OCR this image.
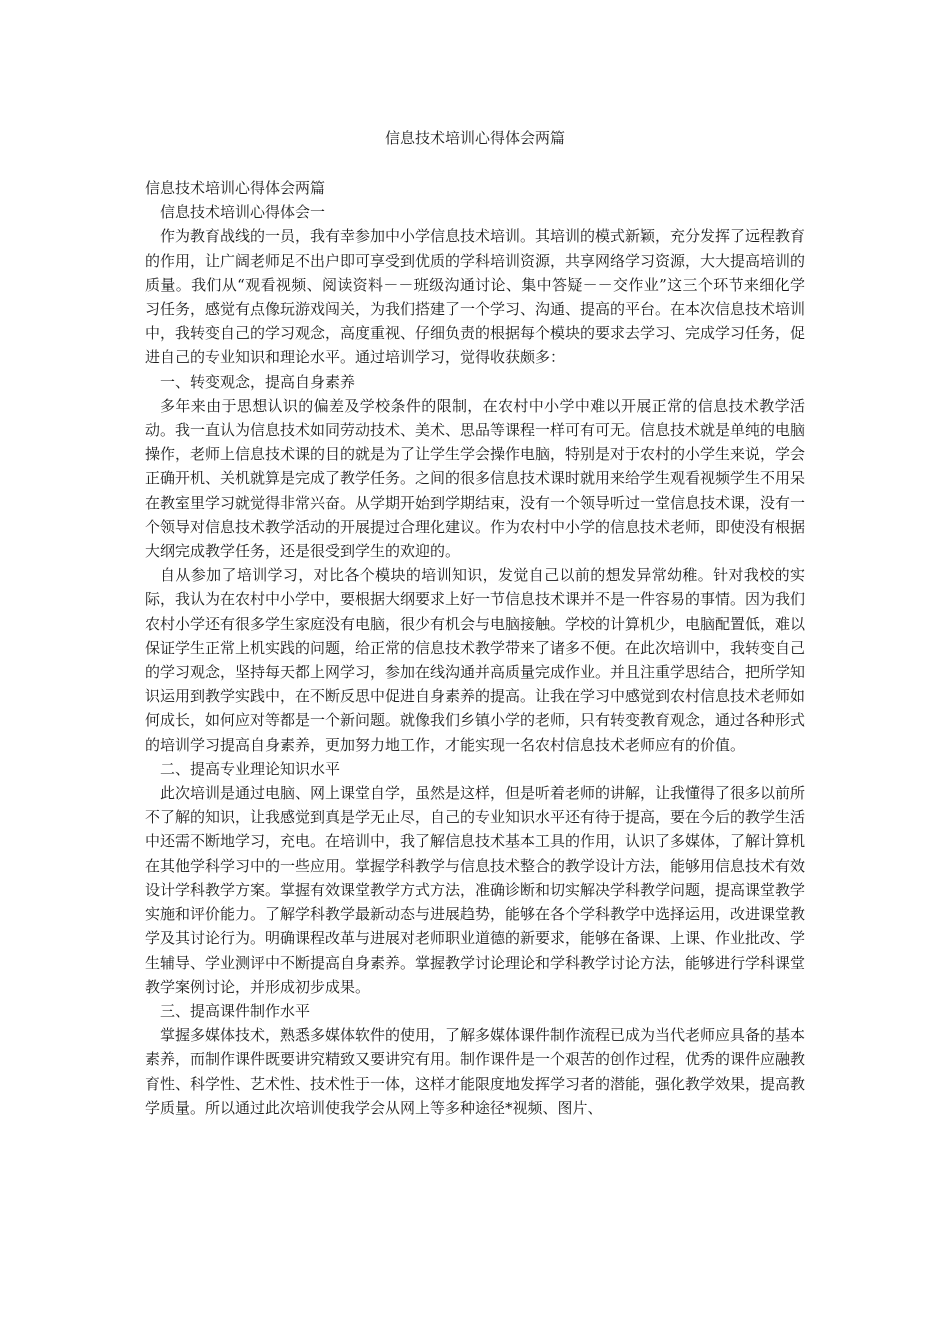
信息技术培训心得体会两篇

信息技术培训心得体会两篇

信息技术培训心得体会一

作为教育战线的一员，我有幸参加中小学信息技术培训。其培训的模式新颖，充分发挥了远程教育的作用，让广阔老师足不出户即可享受到优质的学科培训资源，共享网络学习资源，大大提高培训的质量。我们从“观看视频、阅读资料－－班级沟通讨论、集中答疑－－交作业”这三个环节来细化学习任务，感觉有点像玩游戏闯关，为我们搭建了一个学习、沟通、提高的平台。在本次信息技术培训中，我转变自己的学习观念，高度重视、仔细负责的根据每个模块的要求去学习、完成学习任务，促进自己的专业知识和理论水平。通过培训学习，觉得收获颇多：

一、转变观念，提高自身素养

多年来由于思想认识的偏差及学校条件的限制，在农村中小学中难以开展正常的信息技术教学活动。我一直认为信息技术如同劳动技术、美术、思品等课程一样可有可无。信息技术就是单纯的电脑操作，老师上信息技术课的目的就是为了让学生学会操作电脑，特别是对于农村的小学生来说，学会正确开机、关机就算是完成了教学任务。之间的很多信息技术课时就用来给学生观看视频学生不用呆在教室里学习就觉得非常兴奋。从学期开始到学期结束，没有一个领导听过一堂信息技术课，没有一个领导对信息技术教学活动的开展提过合理化建议。作为农村中小学的信息技术老师，即使没有根据大纲完成教学任务，还是很受到学生的欢迎的。

自从参加了培训学习，对比各个模块的培训知识，发觉自己以前的想发异常幼稚。针对我校的实际，我认为在农村中小学中，要根据大纲要求上好一节信息技术课并不是一件容易的事情。因为我们农村小学还有很多学生家庭没有电脑，很少有机会与电脑接触。学校的计算机少，电脑配置低，难以保证学生正常上机实践的问题，给正常的信息技术教学带来了诸多不便。在此次培训中，我转变自己的学习观念，坚持每天都上网学习，参加在线沟通并高质量完成作业。并且注重学思结合，把所学知识运用到教学实践中，在不断反思中促进自身素养的提高。让我在学习中感觉到农村信息技术老师如何成长，如何应对等都是一个新问题。就像我们乡镇小学的老师，只有转变教育观念，通过各种形式的培训学习提高自身素养，更加努力地工作，才能实现一名农村信息技术老师应有的价值。

二、提高专业理论知识水平

此次培训是通过电脑、网上课堂自学，虽然是这样，但是听着老师的讲解，让我懂得了很多以前所不了解的知识，让我感觉到真是学无止尽，自己的专业知识水平还有待于提高，要在今后的教学生活中还需不断地学习，充电。在培训中，我了解信息技术基本工具的作用，认识了多媒体，了解计算机在其他学科学习中的一些应用。掌握学科教学与信息技术整合的教学设计方法，能够用信息技术有效设计学科教学方案。掌握有效课堂教学方式方法，准确诊断和切实解决学科教学问题，提高课堂教学实施和评价能力。了解学科教学最新动态与进展趋势，能够在各个学科教学中选择运用，改进课堂教学及其讨论行为。明确课程改革与进展对老师职业道德的新要求，能够在备课、上课、作业批改、学生辅导、学业测评中不断提高自身素养。掌握教学讨论理论和学科教学讨论方法，能够进行学科课堂教学案例讨论，并形成初步成果。

三、提高课件制作水平

掌握多媒体技术，熟悉多媒体软件的使用，了解多媒体课件制作流程已成为当代老师应具备的基本素养，而制作课件既要讲究精致又要讲究有用。制作课件是一个艰苦的创作过程，优秀的课件应融教育性、科学性、艺术性、技术性于一体，这样才能限度地发挥学习者的潜能，强化教学效果，提高教学质量。所以通过此次培训使我学会从网上等多种途径*视频、图片、
